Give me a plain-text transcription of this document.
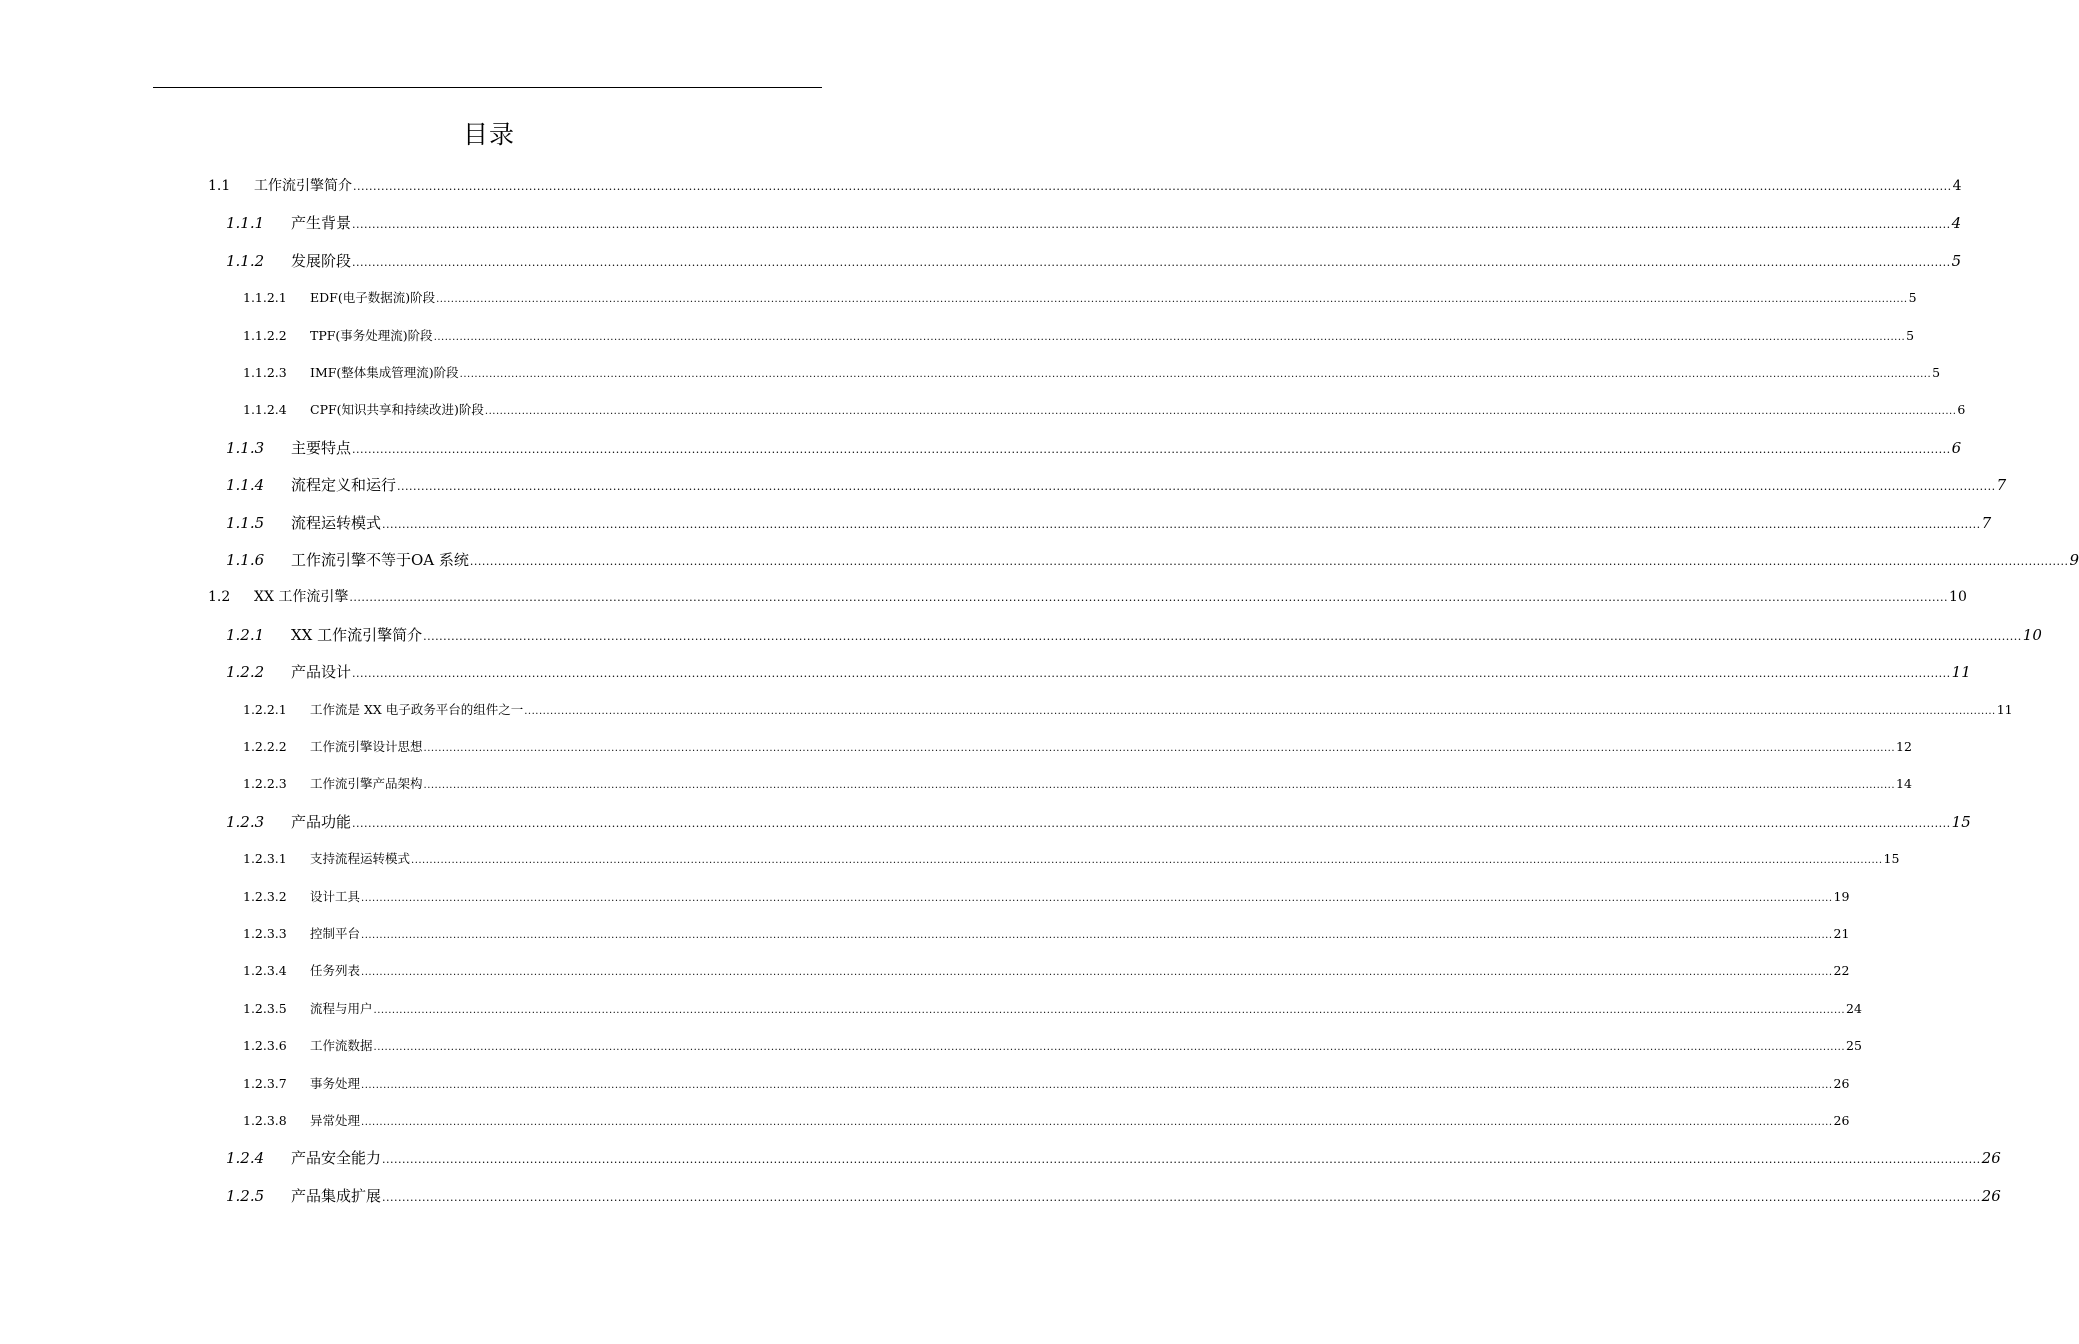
目录
1.1	工作流引擎简介 ................................................................................................................................................................................................................................................................................................................................................................................................................ 4
1.1.1	产生背景 ................................................................................................................................................................................................................................................................................................................................................................................................................ 4
1.1.2	发展阶段 ................................................................................................................................................................................................................................................................................................................................................................................................................ 5
1.1.2.1	EDF(电子数据流)阶段 ................................................................................................................................................................................................................................................................................................................................................................................................................ 5
1.1.2.2	TPF(事务处理流)阶段 ................................................................................................................................................................................................................................................................................................................................................................................................................ 5
1.1.2.3	IMF(整体集成管理流)阶段 ................................................................................................................................................................................................................................................................................................................................................................................................................ 5
1.1.2.4	CPF(知识共享和持续改进)阶段 ................................................................................................................................................................................................................................................................................................................................................................................................................ 6
1.1.3	主要特点 ................................................................................................................................................................................................................................................................................................................................................................................................................ 6
1.1.4	流程定义和运行 ................................................................................................................................................................................................................................................................................................................................................................................................................ 7
1.1.5	流程运转模式 ................................................................................................................................................................................................................................................................................................................................................................................................................ 7
1.1.6	工作流引擎不等于OA 系统 ................................................................................................................................................................................................................................................................................................................................................................................................................ 9
1.2	XX 工作流引擎 ................................................................................................................................................................................................................................................................................................................................................................................................................ 10
1.2.1	XX 工作流引擎简介 ................................................................................................................................................................................................................................................................................................................................................................................................................ 10
1.2.2	产品设计 ................................................................................................................................................................................................................................................................................................................................................................................................................ 11
1.2.2.1	工作流是 XX 电子政务平台的组件之一 ................................................................................................................................................................................................................................................................................................................................................................................................................ 11
1.2.2.2	工作流引擎设计思想 ................................................................................................................................................................................................................................................................................................................................................................................................................ 12
1.2.2.3	工作流引擎产品架构 ................................................................................................................................................................................................................................................................................................................................................................................................................ 14
1.2.3	产品功能 ................................................................................................................................................................................................................................................................................................................................................................................................................ 15
1.2.3.1	支持流程运转模式 ................................................................................................................................................................................................................................................................................................................................................................................................................ 15
1.2.3.2	设计工具 ................................................................................................................................................................................................................................................................................................................................................................................................................ 19
1.2.3.3	控制平台 ................................................................................................................................................................................................................................................................................................................................................................................................................ 21
1.2.3.4	任务列表 ................................................................................................................................................................................................................................................................................................................................................................................................................ 22
1.2.3.5	流程与用户 ................................................................................................................................................................................................................................................................................................................................................................................................................ 24
1.2.3.6	工作流数据 ................................................................................................................................................................................................................................................................................................................................................................................................................ 25
1.2.3.7	事务处理 ................................................................................................................................................................................................................................................................................................................................................................................................................ 26
1.2.3.8	异常处理 ................................................................................................................................................................................................................................................................................................................................................................................................................ 26
1.2.4	产品安全能力 ................................................................................................................................................................................................................................................................................................................................................................................................................ 26
1.2.5	产品集成扩展 ................................................................................................................................................................................................................................................................................................................................................................................................................ 26
